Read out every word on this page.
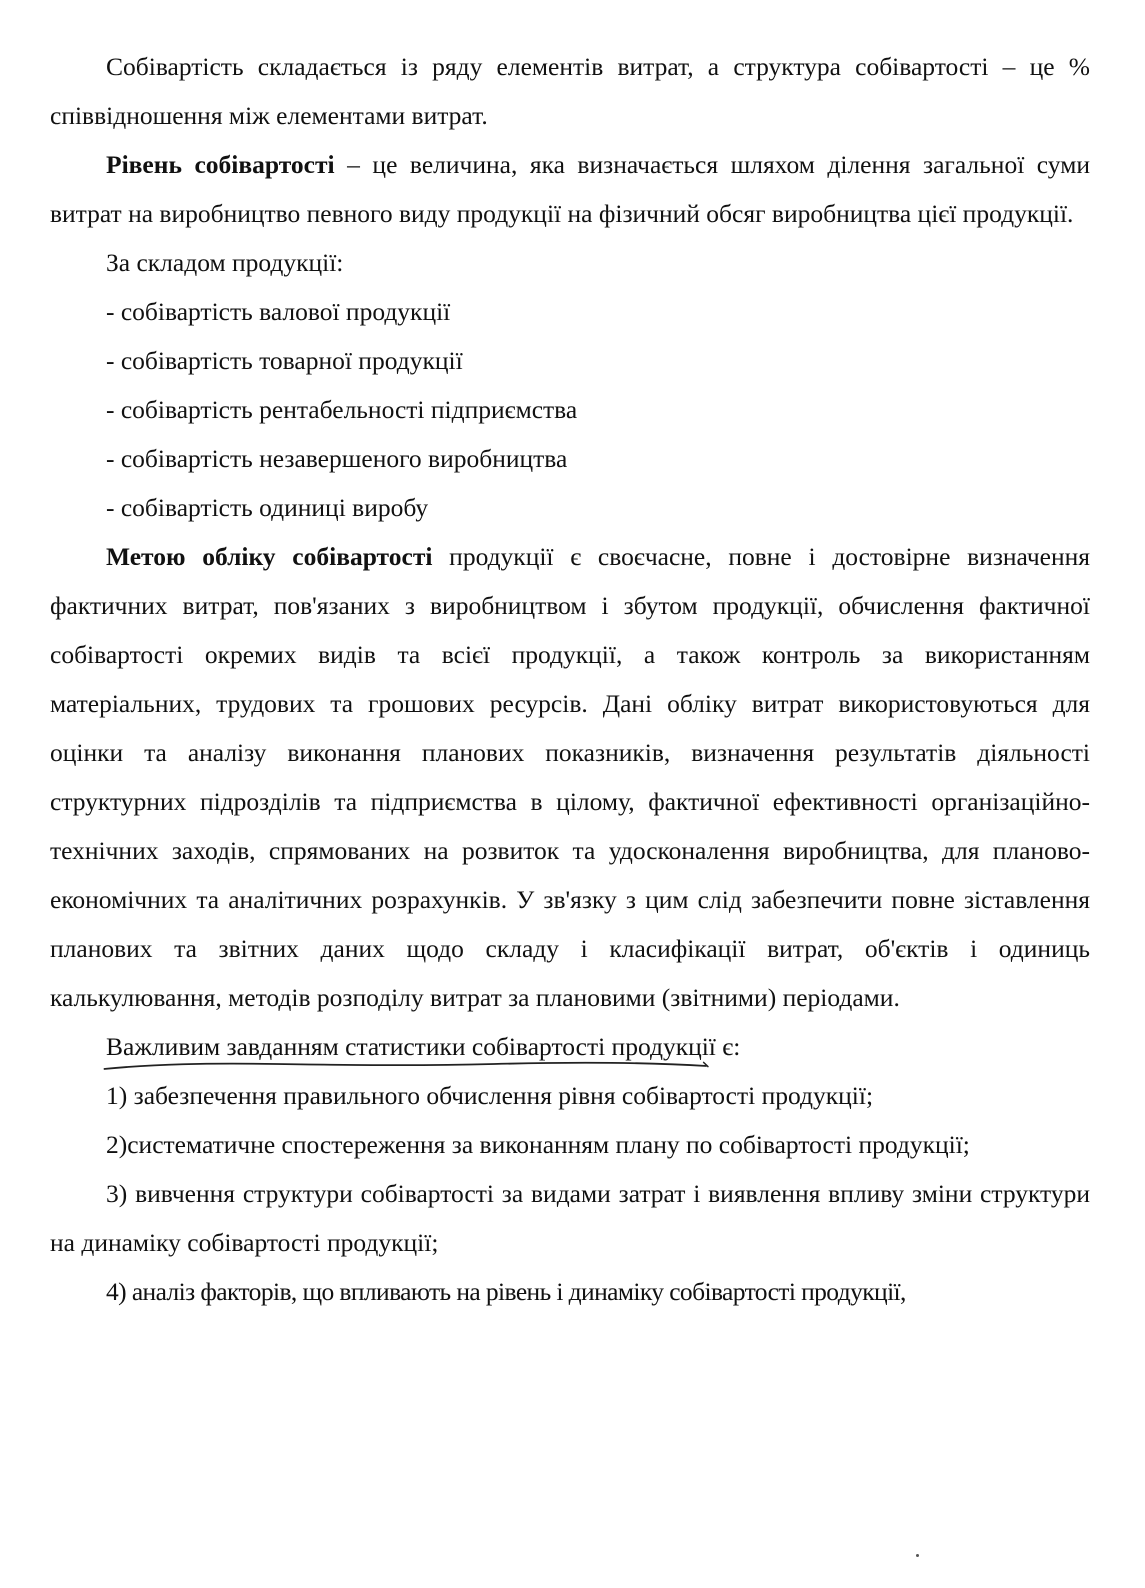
Собівартість складається із ряду елементів витрат, а структура собівартості – це % співвідношення між елементами витрат.

Рівень собівартості – це величина, яка визначається шляхом ділення загальної суми витрат на виробництво певного виду продукції на фізичний обсяг виробництва цієї продукції.

За складом продукції:

- собівартість валової продукції

- собівартість товарної продукції

- собівартість рентабельності підприємства

- собівартість незавершеного виробництва

- собівартість одиниці виробу

Метою обліку собівартості продукції є своєчасне, повне і достовірне визначення фактичних витрат, пов'язаних з виробництвом і збутом продукції, обчислення фактичної собівартості окремих видів та всієї продукції, а також контроль за використанням матеріальних, трудових та грошових ресурсів. Дані обліку витрат використовуються для оцінки та аналізу виконання планових показників, визначення результатів діяльності структурних підрозділів та підприємства в цілому, фактичної ефективності організаційно-технічних заходів, спрямованих на розвиток та удосконалення виробництва, для планово-економічних та аналітичних розрахунків. У зв'язку з цим слід забезпечити повне зіставлення планових та звітних даних щодо складу і класифікації витрат, об'єктів і одиниць калькулювання, методів розподілу витрат за плановими (звітними) періодами.

Важливим завданням статистики собівартості продукції
є:

1) забезпечення правильного обчислення рівня собівартості продукції;

2)систематичне спостереження за виконанням плану по собівартості продукції;

3) вивчення структури собівартості за видами затрат і виявлення впливу зміни структури на динаміку собівартості продукції;

4) аналіз факторів, що впливають на рівень і динаміку собівартості продукції,
